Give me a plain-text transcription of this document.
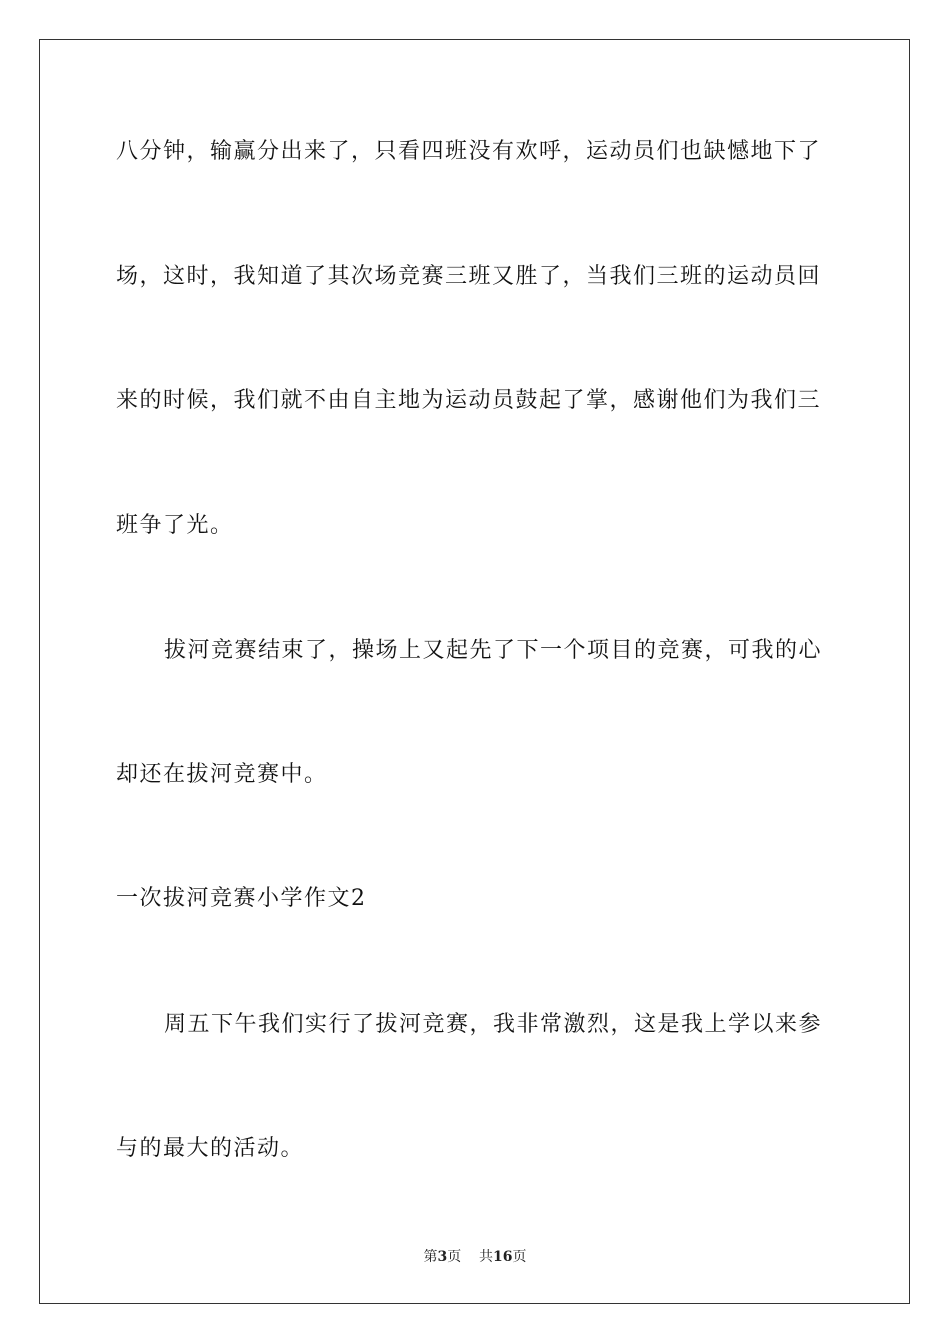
八分钟，输赢分出来了，只看四班没有欢呼，运动员们也缺憾地下了
场，这时，我知道了其次场竞赛三班又胜了，当我们三班的运动员回
来的时候，我们就不由自主地为运动员鼓起了掌，感谢他们为我们三
班争了光。
拔河竞赛结束了，操场上又起先了下一个项目的竞赛，可我的心
却还在拔河竞赛中。
一次拔河竞赛小学作文2
周五下午我们实行了拔河竞赛，我非常激烈，这是我上学以来参
与的最大的活动。
第3页 共16页
